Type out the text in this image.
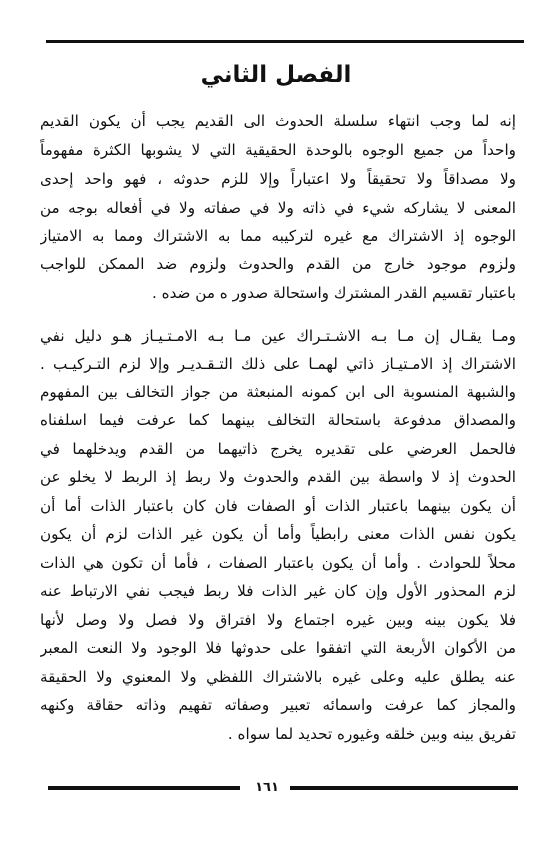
الفصل الثاني
إنه لما وجب انتهاء سلسلة الحدوث الى القديم يجب أن يكون القديم
واحداً من جميع الوجوه بالوحدة الحقيقية التي لا يشوبها الكثرة مفهوماً
ولا مصداقاً ولا تحقيقاً ولا اعتباراً وإلا للزم حدوثه ، فهو واحد إحدى
المعنى لا يشاركه شيء في ذاته ولا في صفاته ولا في أفعاله بوجه من
الوجوه إذ الاشتراك مع غيره لتركيبه مما به الاشتراك ومما به الامتياز
ولزوم موجود خارج من القدم والحدوث ولزوم ضد الممكن للواجب
باعتبار تقسيم القدر المشترك واستحالة صدور ه من ضده .
ومـا يقـال إن مـا بـه الاشـتـراك عين مـا بـه الامـتـيـاز هـو دليل نفي
الاشتراك إذ الامـتيـاز ذاتي لهمـا على ذلك التـقـديـر وإلا لزم التـركيـب .
والشبهة المنسوبة الى ابن كمونه المنبعثة من جواز التخالف بين المفهوم
والمصداق مدفوعة باستحالة التخالف بينهما كما عرفت فيما اسلفناه
فالحمل العرضي على تقديره يخرج ذاتيهما من القدم ويدخلهما في
الحدوث إذ لا واسطة بين القدم والحدوث ولا ربط إذ الربط لا يخلو عن
أن يكون بينهما باعتبار الذات أو الصفات فان كان باعتبار الذات أما أن
يكون نفس الذات معنى رابطياً وأما أن يكون غير الذات لزم أن يكون
محلاً للحوادث . وأما أن يكون باعتبار الصفات ، فأما أن تكون هي الذات
لزم المحذور الأول وإن كان غير الذات فلا ربط فيجب نفي الارتباط عنه
فلا يكون بينه وبين غيره اجتماع ولا افتراق ولا فصل ولا وصل لأنها
من الأكوان الأربعة التي اتفقوا على حدوثها فلا الوجود ولا النعت المعبر
عنه يطلق عليه وعلى غيره بالاشتراك اللفظي ولا المعنوي ولا الحقيقة
والمجاز كما عرفت واسمائه تعبير وصفاته تفهيم وذاته حقاقة وكنهه
تفريق بينه وبين خلقه وغيوره تحديد لما سواه .
١٦١
